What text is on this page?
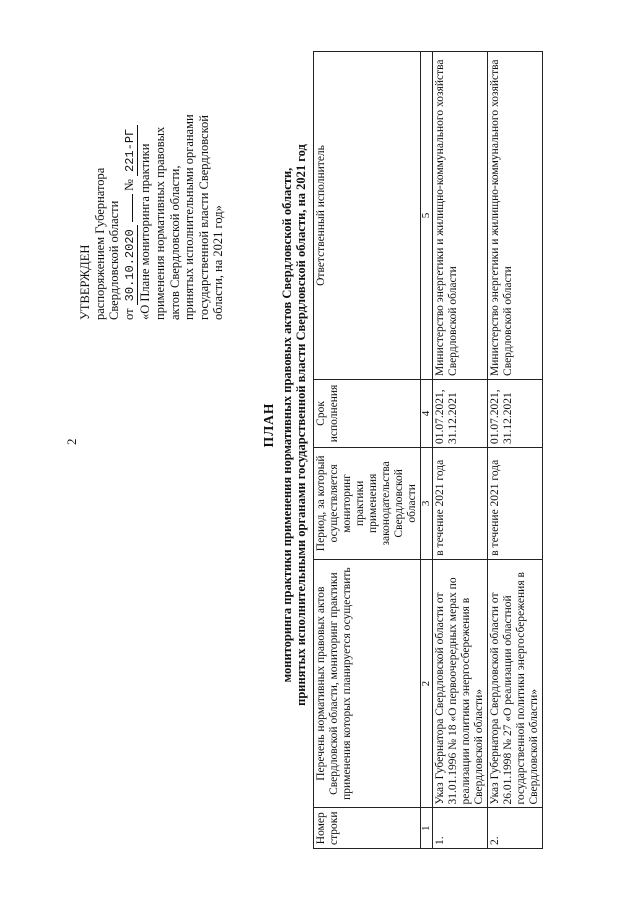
2
УТВЕРЖДЕН распоряжением Губернатора Свердловской области от 30.10.2020  № 221-РГ «О Плане мониторинга практики применения нормативных правовых актов Свердловской области, принятых исполнительными органами государственной власти Свердловской области, на 2021 год»
ПЛАН мониторинга практики применения нормативных правовых актов Свердловской области, принятых исполнительными органами государственной власти Свердловской области, на 2021 год
Номер строки	Перечень нормативных правовых актов Свердловской области, мониторинг практики применения которых планируется осуществить	Период, за который осуществляется мониторинг практики применения законодательства Свердловской области	Срок исполнения	Ответственный исполнитель
1	2	3	4	5
1.	Указ Губернатора Свердловской области от 31.01.1996 № 18 «О первоочередных мерах по реализации политики энергосбережения в Свердловской области»	в течение 2021 года	01.07.2021, 31.12.2021	Министерство энергетики и жилищно-коммунального хозяйства Свердловской области
2.	Указ Губернатора Свердловской области от 26.01.1998 № 27 «О реализации областной государственной политики энергосбережения в Свердловской области»	в течение 2021 года	01.07.2021, 31.12.2021	Министерство энергетики и жилищно-коммунального хозяйства Свердловской области
